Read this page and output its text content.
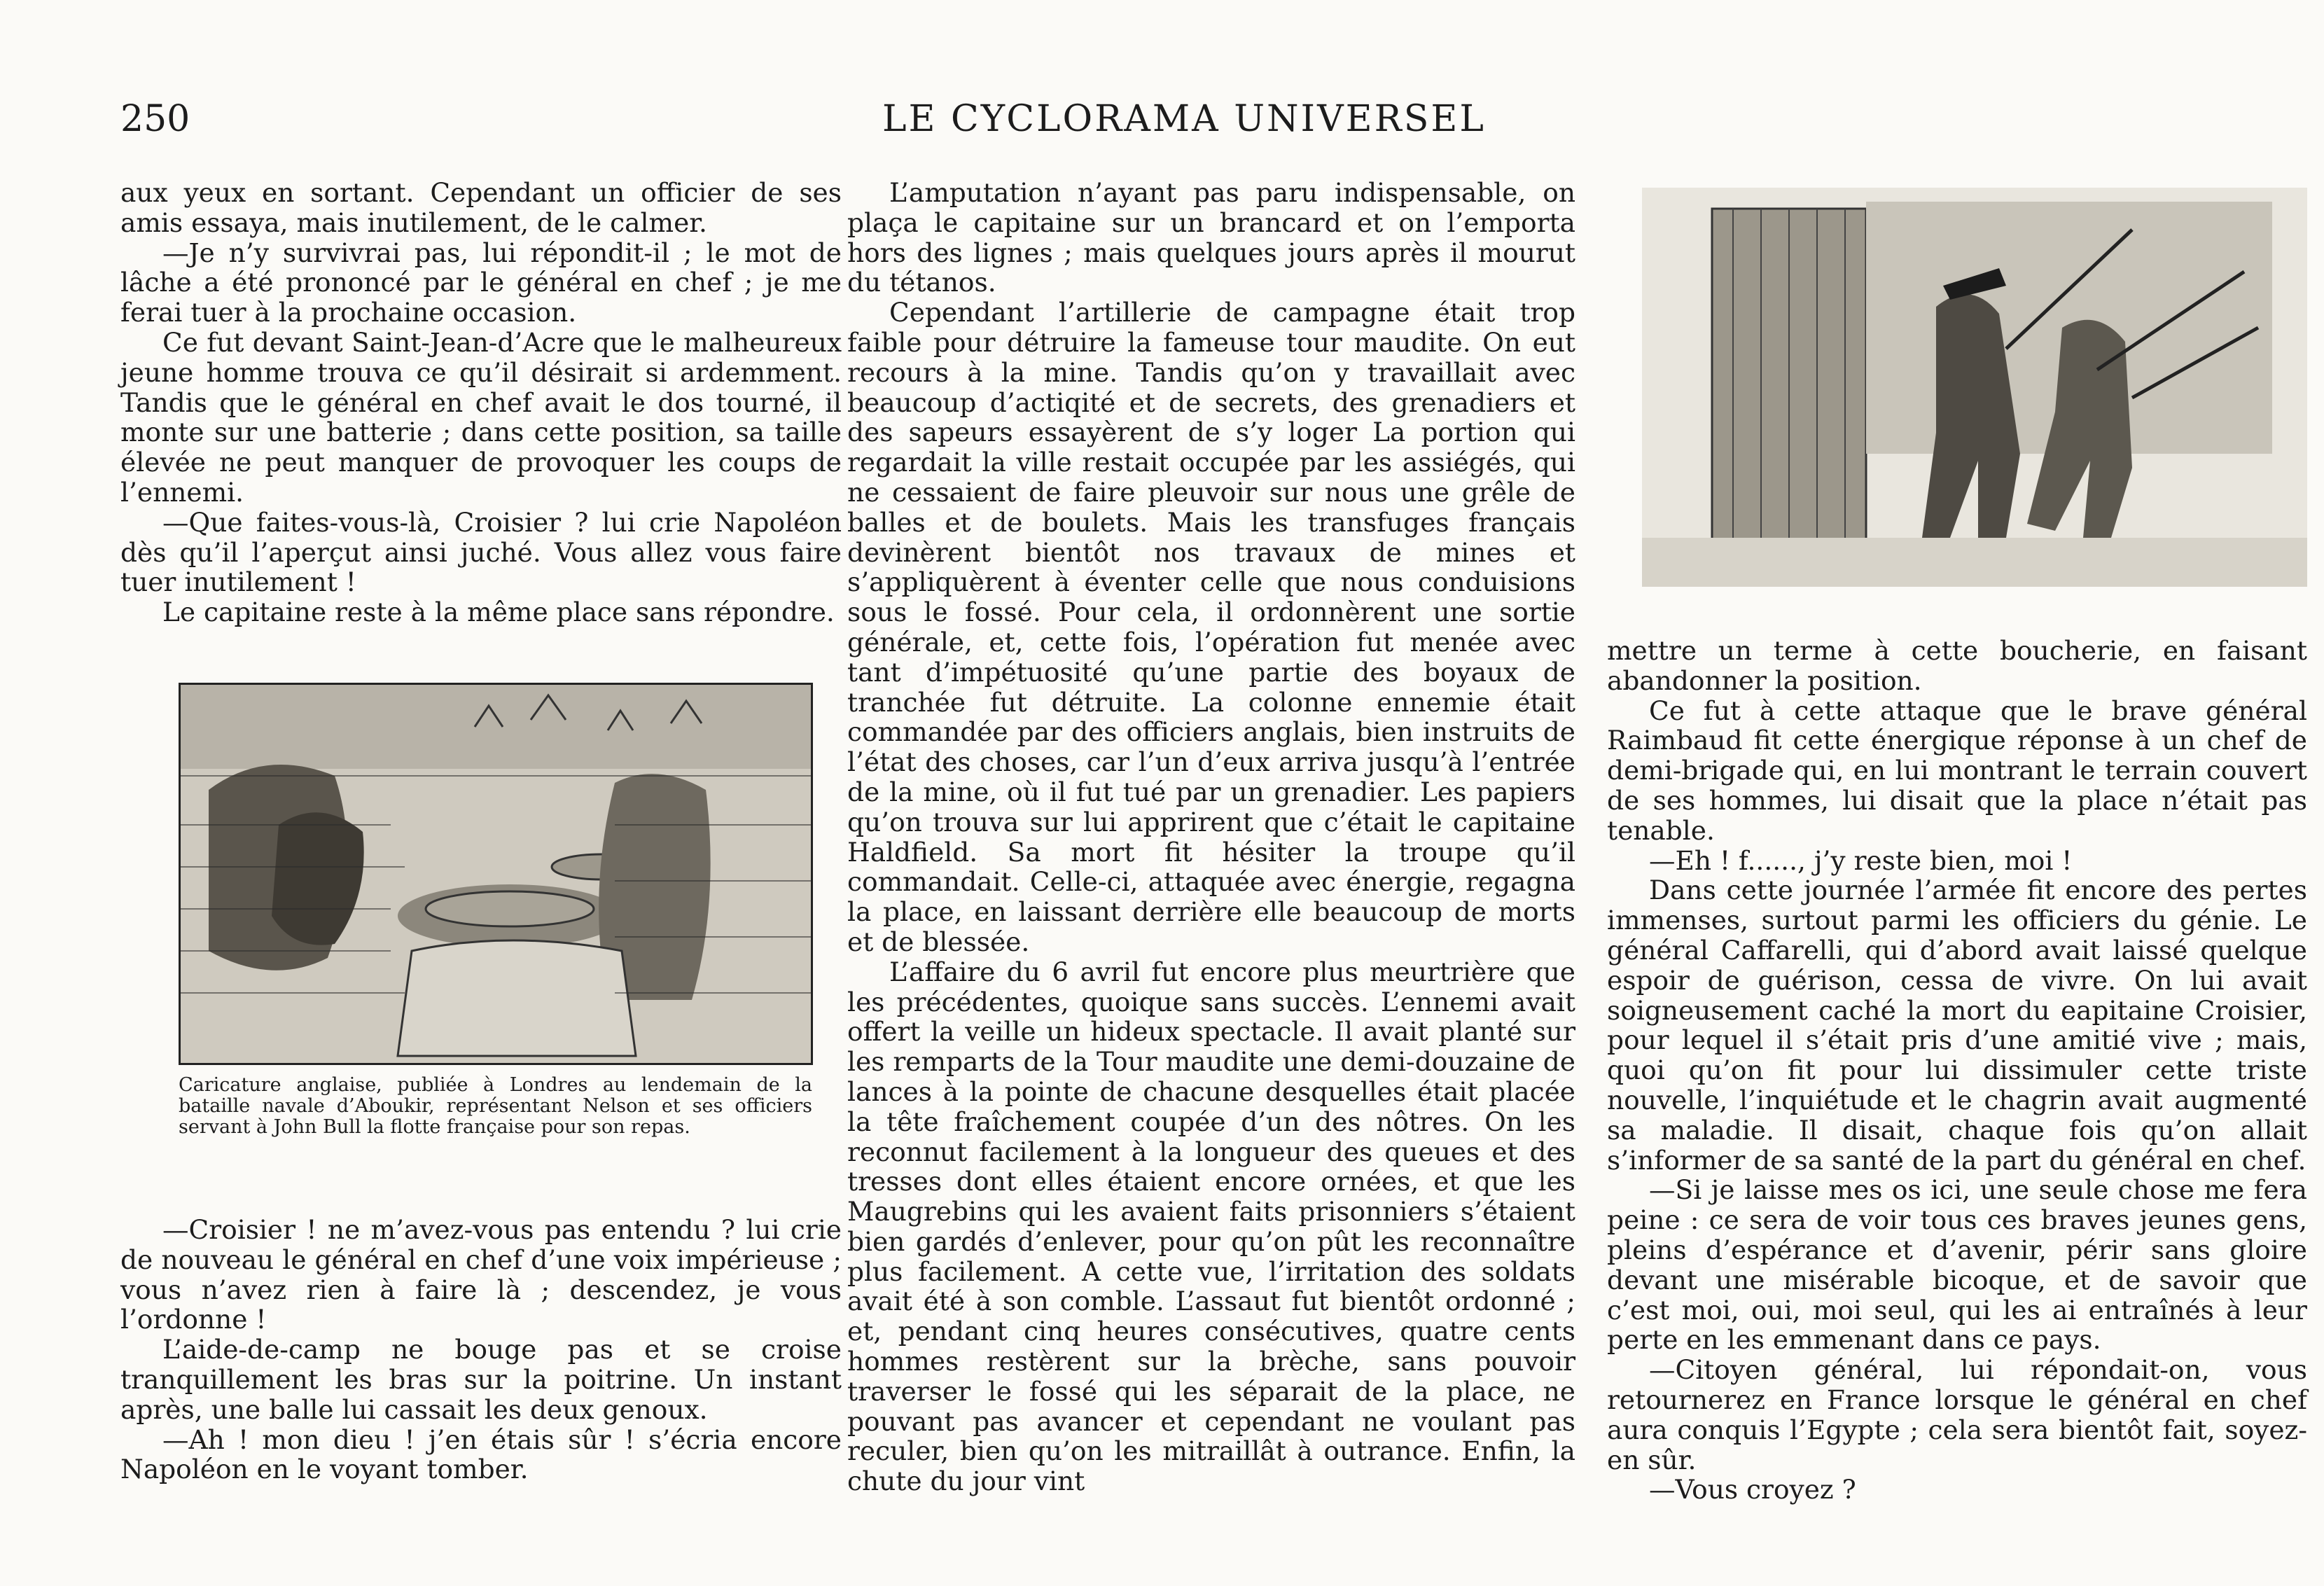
250	LE CYCLORAMA UNIVERSEL

aux yeux en sortant. Cependant un officier de ses amis essaya, mais inutilement, de le calmer.

—Je n’y survivrai pas, lui répondit-il ; le mot de lâche a été prononcé par le général en chef ; je me ferai tuer à la prochaine occasion.

Ce fut devant Saint-Jean-d’Acre que le malheureux jeune homme trouva ce qu’il désirait si ardemment. Tandis que le général en chef avait le dos tourné, il monte sur une batterie ; dans cette position, sa taille élevée ne peut manquer de provoquer les coups de l’ennemi.

—Que faites-vous-là, Croisier ? lui crie Napoléon dès qu’il l’aperçut ainsi juché. Vous allez vous faire tuer inutilement !

Le capitaine reste à la même place sans répondre.

Caricature anglaise, publiée à Londres au lendemain de la bataille navale d’Aboukir, représentant Nelson et ses officiers servant à John Bull la flotte française pour son repas.

—Croisier ! ne m’avez-vous pas entendu ? lui crie de nouveau le général en chef d’une voix impérieuse ; vous n’avez rien à faire là ; descendez, je vous l’ordonne !

L’aide-de-camp ne bouge pas et se croise tranquillement les bras sur la poitrine. Un instant après, une balle lui cassait les deux genoux.

—Ah ! mon dieu ! j’en étais sûr ! s’écria encore Napoléon en le voyant tomber.

L’amputation n’ayant pas paru indispensable, on plaça le capitaine sur un brancard et on l’emporta hors des lignes ; mais quelques jours après il mourut du tétanos.

Cependant l’artillerie de campagne était trop faible pour détruire la fameuse tour maudite. On eut recours à la mine. Tandis qu’on y travaillait avec beaucoup d’actiqité et de secrets, des grenadiers et des sapeurs essayèrent de s’y loger La portion qui regardait la ville restait occupée par les assiégés, qui ne cessaient de faire pleuvoir sur nous une grêle de balles et de boulets. Mais les transfuges français devinèrent bientôt nos travaux de mines et s’appliquèrent à éventer celle que nous conduisions sous le fossé. Pour cela, il ordonnèrent une sortie générale, et, cette fois, l’opération fut menée avec tant d’impétuosité qu’une partie des boyaux de tranchée fut détruite. La colonne ennemie était commandée par des officiers anglais, bien instruits de l’état des choses, car l’un d’eux arriva jusqu’à l’entrée de la mine, où il fut tué par un grenadier. Les papiers qu’on trouva sur lui apprirent que c’était le capitaine Haldfield. Sa mort fit hésiter la troupe qu’il commandait. Celle-ci, attaquée avec énergie, regagna la place, en laissant derrière elle beaucoup de morts et de blessée.

L’affaire du 6 avril fut encore plus meurtrière que les précédentes, quoique sans succès. L’ennemi avait offert la veille un hideux spectacle. Il avait planté sur les remparts de la Tour maudite une demi-douzaine de lances à la pointe de chacune desquelles était placée la tête fraîchement coupée d’un des nôtres. On les reconnut facilement à la longueur des queues et des tresses dont elles étaient encore ornées, et que les Maugrebins qui les avaient faits prisonniers s’étaient bien gardés d’enlever, pour qu’on pût les reconnaître plus facilement. A cette vue, l’irritation des soldats avait été à son comble. L’assaut fut bientôt ordonné ; et, pendant cinq heures consécutives, quatre cents hommes restèrent sur la brèche, sans pouvoir traverser le fossé qui les séparait de la place, ne pouvant pas avancer et cependant ne voulant pas reculer, bien qu’on les mitraillât à outrance. Enfin, la chute du jour vint

mettre un terme à cette boucherie, en faisant abandonner la position.

Ce fut à cette attaque que le brave général Raimbaud fit cette énergique réponse à un chef de demi-brigade qui, en lui montrant le terrain couvert de ses hommes, lui disait que la place n’était pas tenable.

—Eh ! f......, j’y reste bien, moi !

Dans cette journée l’armée fit encore des pertes immenses, surtout parmi les officiers du génie. Le général Caffarelli, qui d’abord avait laissé quelque espoir de guérison, cessa de vivre. On lui avait soigneusement caché la mort du eapitaine Croisier, pour lequel il s’était pris d’une amitié vive ; mais, quoi qu’on fit pour lui dissimuler cette triste nouvelle, l’inquiétude et le chagrin avait augmenté sa maladie. Il disait, chaque fois qu’on allait s’informer de sa santé de la part du général en chef.

—Si je laisse mes os ici, une seule chose me fera peine : ce sera de voir tous ces braves jeunes gens, pleins d’espérance et d’avenir, périr sans gloire devant une misérable bicoque, et de savoir que c’est moi, oui, moi seul, qui les ai entraînés à leur perte en les emmenant dans ce pays.

—Citoyen général, lui répondait-on, vous retournerez en France lorsque le général en chef aura conquis l’Egypte ; cela sera bientôt fait, soyez-en sûr.

—Vous croyez ?
